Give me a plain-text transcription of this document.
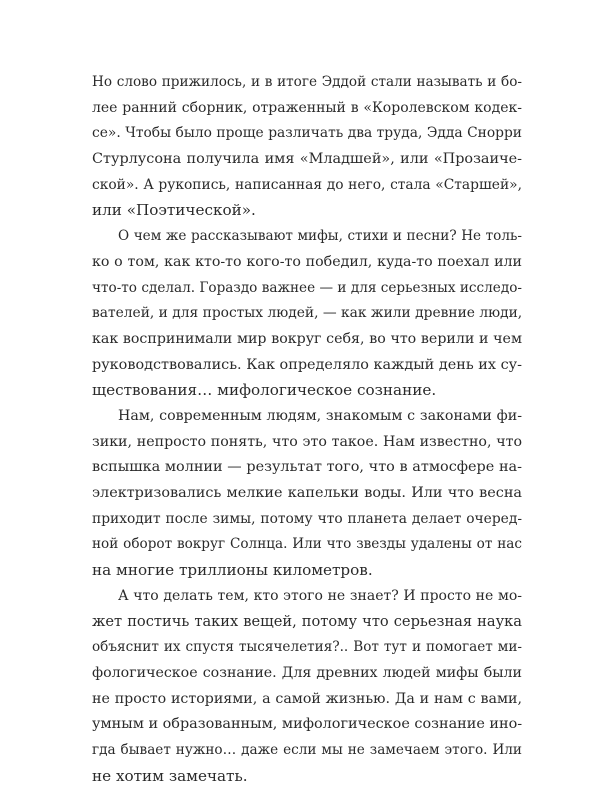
Но слово прижилось, и в итоге Эддой стали называть и бо-
лее ранний сборник, отраженный в «Королевском кодек-
се». Чтобы было проще различать два труда, Эдда Снорри
Стурлусона получила имя «Младшей», или «Прозаиче-
ской». А рукопись, написанная до него, стала «Старшей»,
или «Поэтической».
О чем же рассказывают мифы, стихи и песни? Не толь-
ко о том, как кто-то кого-то победил, куда-то поехал или
что-то сделал. Гораздо важнее — и для серьезных исследо-
вателей, и для простых людей, — как жили древние люди,
как воспринимали мир вокруг себя, во что верили и чем
руководствовались. Как определяло каждый день их су-
ществования… мифологическое сознание.
Нам, современным людям, знакомым с законами фи-
зики, непросто понять, что это такое. Нам известно, что
вспышка молнии — результат того, что в атмосфере на-
электризовались мелкие капельки воды. Или что весна
приходит после зимы, потому что планета делает очеред-
ной оборот вокруг Солнца. Или что звезды удалены от нас
на многие триллионы километров.
А что делать тем, кто этого не знает? И просто не мо-
жет постичь таких вещей, потому что серьезная наука
объяснит их спустя тысячелетия?.. Вот тут и помогает ми-
фологическое сознание. Для древних людей мифы были
не просто историями, а самой жизнью. Да и нам с вами,
умным и образованным, мифологическое сознание ино-
гда бывает нужно… даже если мы не замечаем этого. Или
не хотим замечать.
